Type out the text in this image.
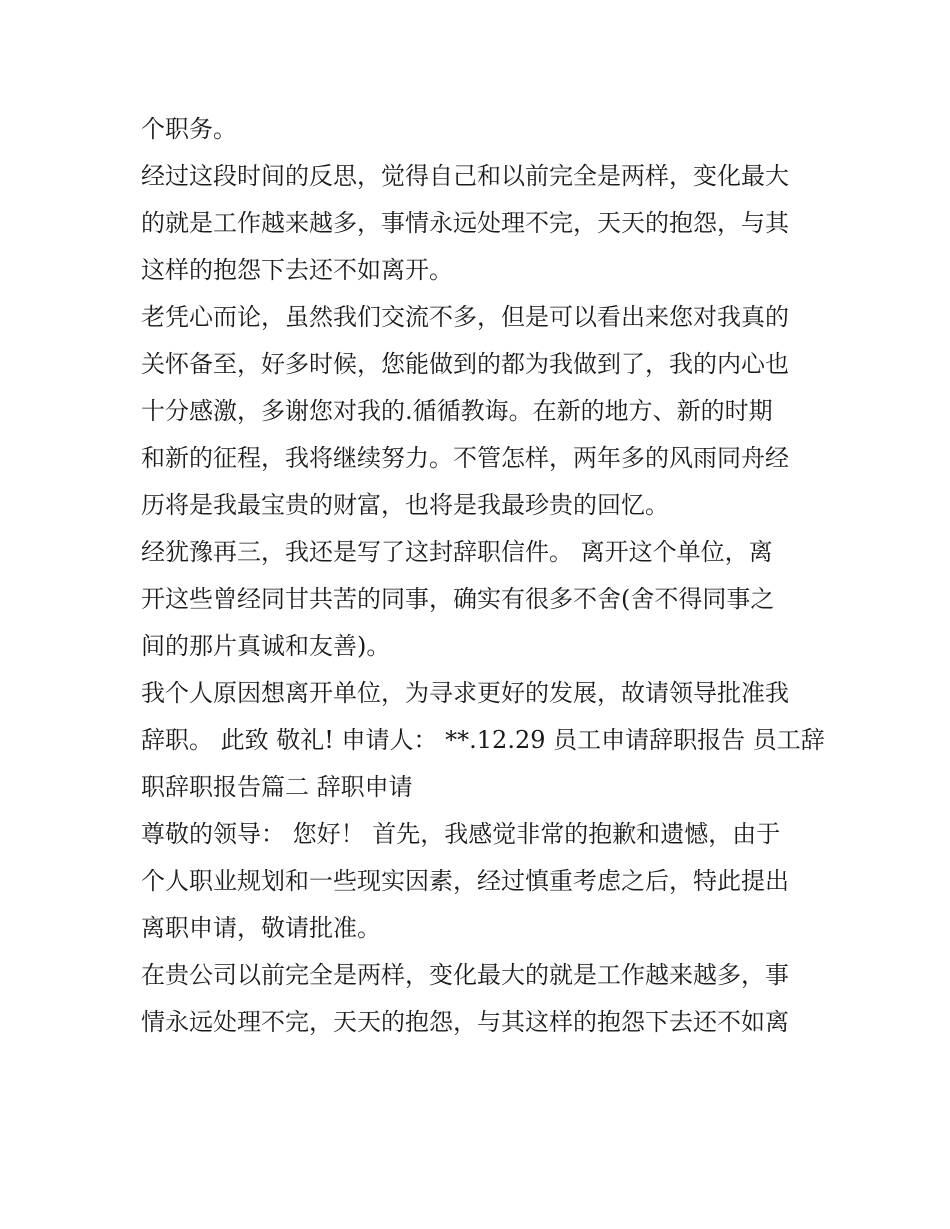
个职务。
经过这段时间的反思，觉得自己和以前完全是两样，变化最大
的就是工作越来越多，事情永远处理不完，天天的抱怨，与其
这样的抱怨下去还不如离开。
老凭心而论，虽然我们交流不多，但是可以看出来您对我真的
关怀备至，好多时候，您能做到的都为我做到了，我的内心也
十分感激，多谢您对我的.循循教诲。在新的地方、新的时期
和新的征程，我将继续努力。不管怎样，两年多的风雨同舟经
历将是我最宝贵的财富，也将是我最珍贵的回忆。
经犹豫再三，我还是写了这封辞职信件。 离开这个单位，离
开这些曾经同甘共苦的同事，确实有很多不舍(舍不得同事之
间的那片真诚和友善)。
我个人原因想离开单位，为寻求更好的发展，故请领导批准我
辞职。 此致 敬礼! 申请人： **.12.29 员工申请辞职报告 员工辞
职辞职报告篇二 辞职申请
尊敬的领导： 您好！ 首先，我感觉非常的抱歉和遗憾，由于
个人职业规划和一些现实因素，经过慎重考虑之后，特此提出
离职申请，敬请批准。
在贵公司以前完全是两样，变化最大的就是工作越来越多，事
情永远处理不完，天天的抱怨，与其这样的抱怨下去还不如离
